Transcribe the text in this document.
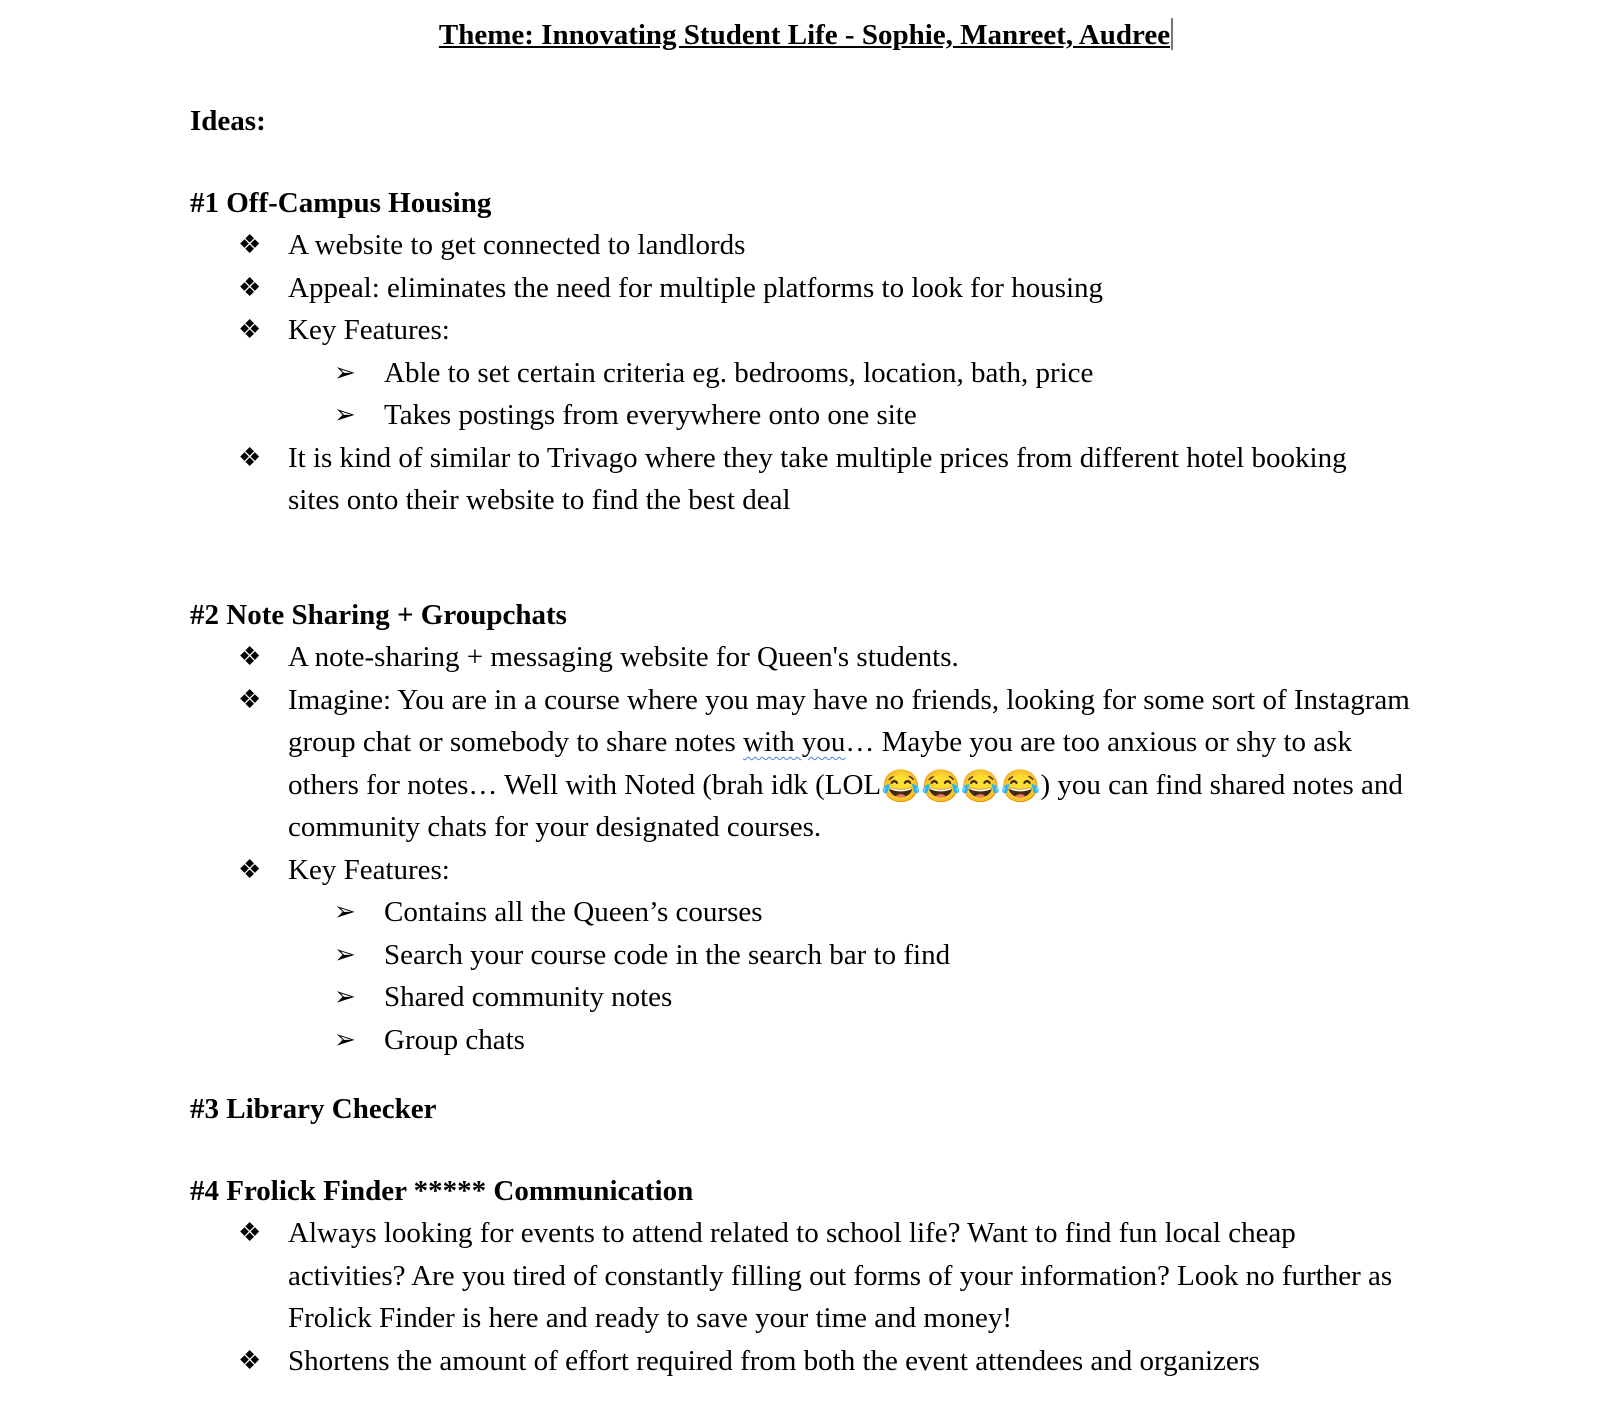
Theme: Innovating Student Life - Sophie, Manreet, Audree
Ideas:
#1 Off-Campus Housing
❖ A website to get connected to landlords
❖ Appeal: eliminates the need for multiple platforms to look for housing
❖ Key Features:
➢ Able to set certain criteria eg. bedrooms, location, bath, price
➢ Takes postings from everywhere onto one site
❖ It is kind of similar to Trivago where they take multiple prices from different hotel booking sites onto their website to find the best deal
#2 Note Sharing + Groupchats
❖ A note-sharing + messaging website for Queen's students.
❖ Imagine: You are in a course where you may have no friends, looking for some sort of Instagram group chat or somebody to share notes with you… Maybe you are too anxious or shy to ask others for notes… Well with Noted (brah idk (LOL😂😂😂😂) you can find shared notes and community chats for your designated courses.
❖ Key Features:
➢ Contains all the Queen’s courses
➢ Search your course code in the search bar to find
➢ Shared community notes
➢ Group chats
#3 Library Checker
#4 Frolick Finder ***** Communication
❖ Always looking for events to attend related to school life? Want to find fun local cheap activities? Are you tired of constantly filling out forms of your information? Look no further as Frolick Finder is here and ready to save your time and money!
❖ Shortens the amount of effort required from both the event attendees and organizers
